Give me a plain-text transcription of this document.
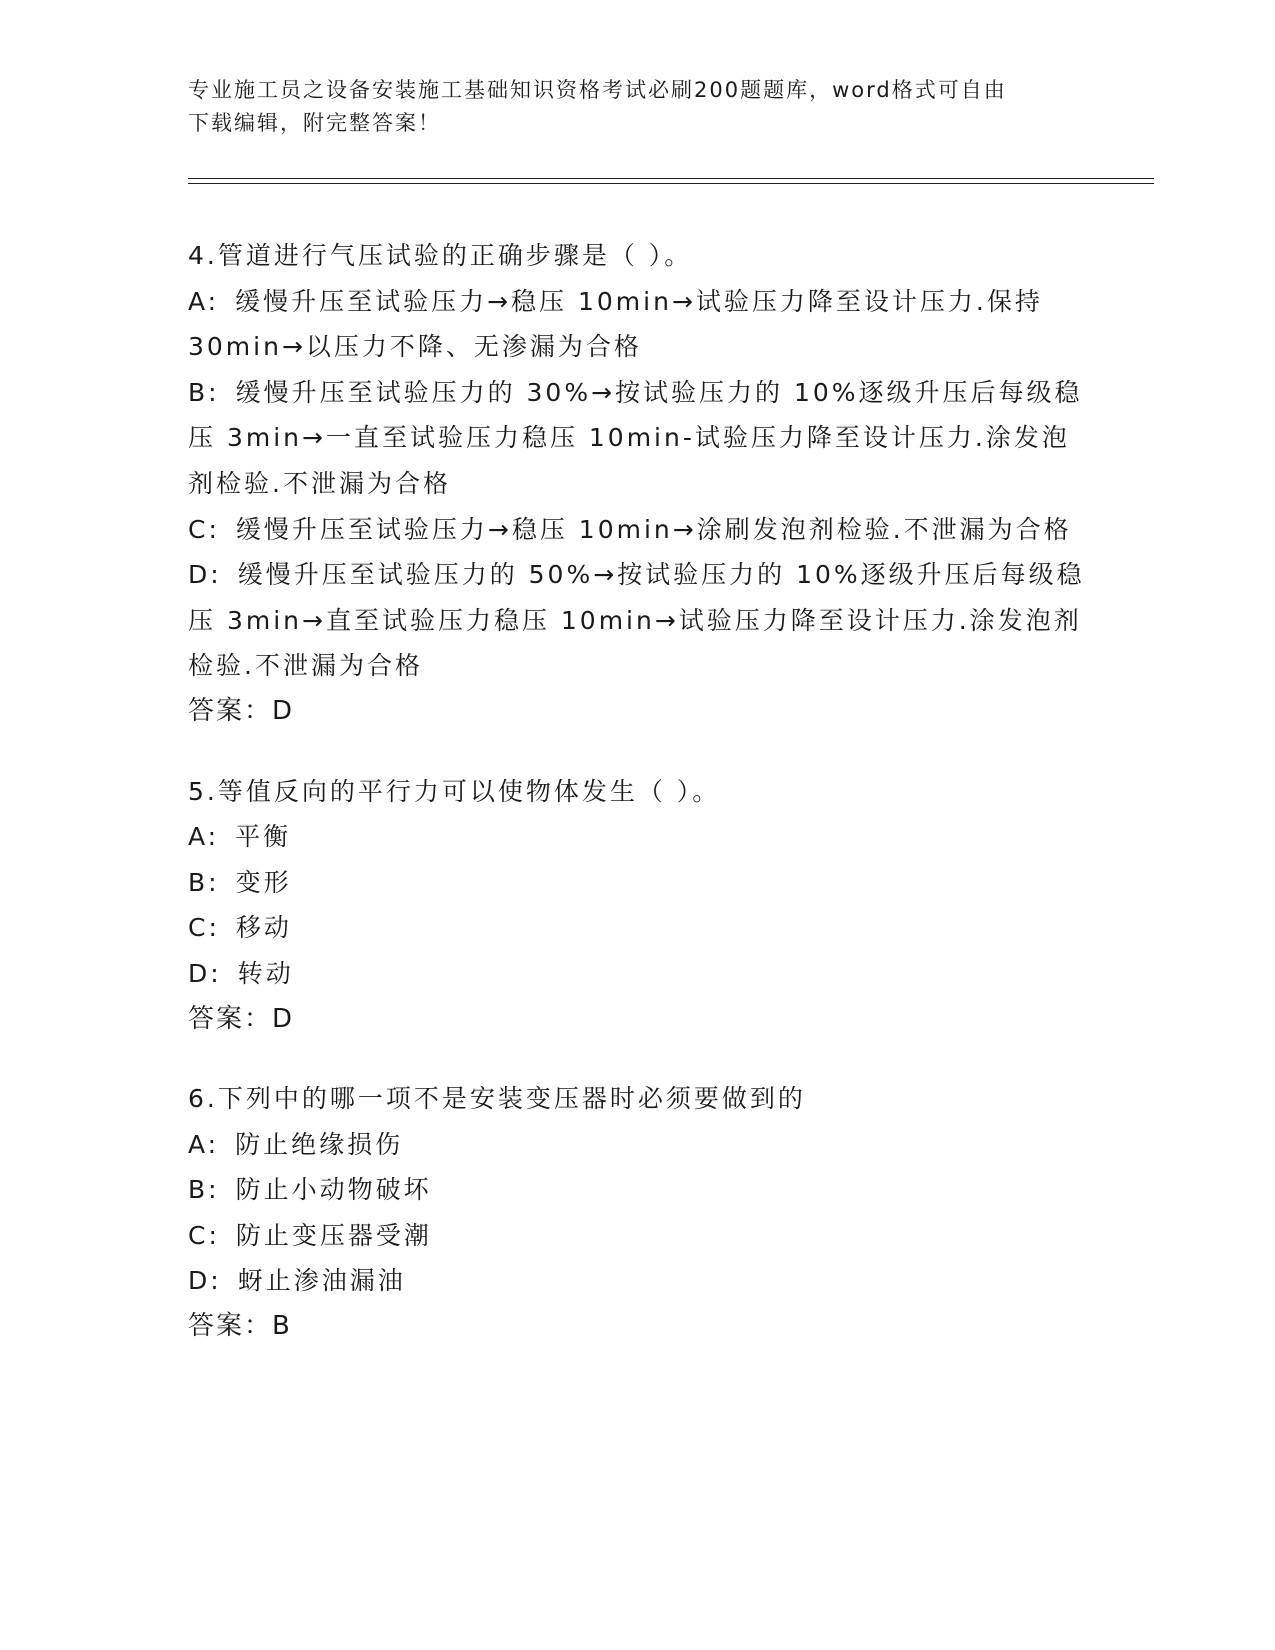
专业施工员之设备安装施工基础知识资格考试必刷200题题库，word格式可自由
下载编辑，附完整答案！
4.管道进行气压试验的正确步骤是（ ）。
A: 缓慢升压至试验压力→稳压 10min→试验压力降至设计压力.保持
30min→以压力不降、无渗漏为合格
B: 缓慢升压至试验压力的 30%→按试验压力的 10%逐级升压后每级稳
压 3min→一直至试验压力稳压 10min-试验压力降至设计压力.涂发泡
剂检验.不泄漏为合格
C: 缓慢升压至试验压力→稳压 10min→涂刷发泡剂检验.不泄漏为合格
D: 缓慢升压至试验压力的 50%→按试验压力的 10%逐级升压后每级稳
压 3min→直至试验压力稳压 10min→试验压力降至设计压力.涂发泡剂
检验.不泄漏为合格
答案：D
5.等值反向的平行力可以使物体发生（ ）。
A: 平衡
B: 变形
C: 移动
D: 转动
答案：D
6.下列中的哪一项不是安装变压器时必须要做到的
A: 防止绝缘损伤
B: 防止小动物破坏
C: 防止变压器受潮
D: 蚜止渗油漏油
答案：B
